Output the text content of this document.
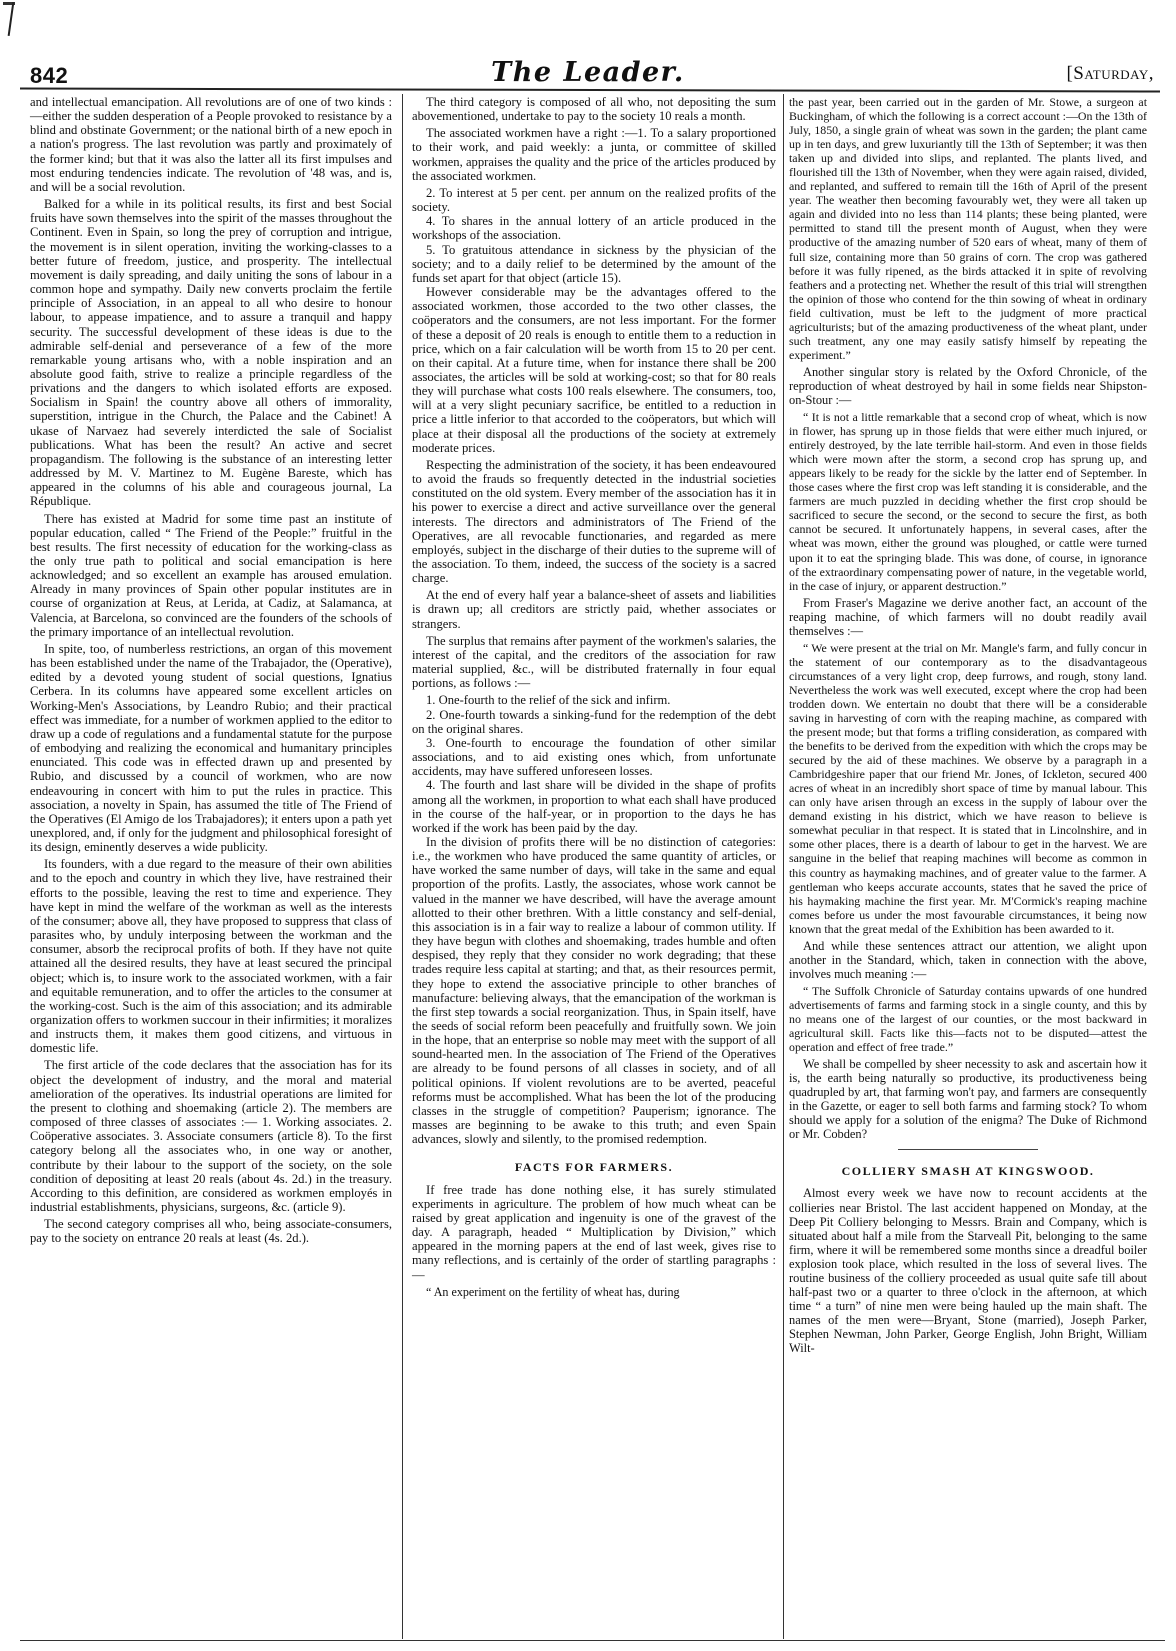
842	The Leader.	[Saturday,

and intellectual emancipation. All revolutions are of one of two kinds :—either the sudden desperation of a People provoked to resistance by a blind and obstinate Government; or the national birth of a new epoch in a nation's progress. The last revolution was partly and proximately of the former kind; but that it was also the latter all its first impulses and most enduring tendencies indicate. The revolution of '48 was, and is, and will be a social revolution.

Balked for a while in its political results, its first and best Social fruits have sown themselves into the spirit of the masses throughout the Continent. Even in Spain, so long the prey of corruption and intrigue, the movement is in silent operation, inviting the working-classes to a better future of freedom, justice, and prosperity. The intellectual movement is daily spreading, and daily uniting the sons of labour in a common hope and sympathy. Daily new converts proclaim the fertile principle of Association, in an appeal to all who desire to honour labour, to appease impatience, and to assure a tranquil and happy security. The successful development of these ideas is due to the admirable self-denial and perseverance of a few of the more remarkable young artisans who, with a noble inspiration and an absolute good faith, strive to realize a principle regardless of the privations and the dangers to which isolated efforts are exposed. Socialism in Spain! the country above all others of immorality, superstition, intrigue in the Church, the Palace and the Cabinet! A ukase of Narvaez had severely interdicted the sale of Socialist publications. What has been the result? An active and secret propagandism. The following is the substance of an interesting letter addressed by M. V. Martinez to M. Eugène Bareste, which has appeared in the columns of his able and courageous journal, La République.

There has existed at Madrid for some time past an institute of popular education, called “ The Friend of the People:” fruitful in the best results. The first necessity of education for the working-class as the only true path to political and social emancipation is here acknowledged; and so excellent an example has aroused emulation. Already in many provinces of Spain other popular institutes are in course of organization at Reus, at Lerida, at Cadiz, at Salamanca, at Valencia, at Barcelona, so convinced are the founders of the schools of the primary importance of an intellectual revolution.

In spite, too, of numberless restrictions, an organ of this movement has been established under the name of the Trabajador, the (Operative), edited by a devoted young student of social questions, Ignatius Cerbera. In its columns have appeared some excellent articles on Working-Men's Associations, by Leandro Rubio; and their practical effect was immediate, for a number of workmen applied to the editor to draw up a code of regulations and a fundamental statute for the purpose of embodying and realizing the economical and humanitary principles enunciated. This code was in effected drawn up and presented by Rubio, and discussed by a council of workmen, who are now endeavouring in concert with him to put the rules in practice. This association, a novelty in Spain, has assumed the title of The Friend of the Operatives (El Amigo de los Trabajadores); it enters upon a path yet unexplored, and, if only for the judgment and philosophical foresight of its design, eminently deserves a wide publicity.

Its founders, with a due regard to the measure of their own abilities and to the epoch and country in which they live, have restrained their efforts to the possible, leaving the rest to time and experience. They have kept in mind the welfare of the workman as well as the interests of the consumer; above all, they have proposed to suppress that class of parasites who, by unduly interposing between the workman and the consumer, absorb the reciprocal profits of both. If they have not quite attained all the desired results, they have at least secured the principal object; which is, to insure work to the associated workmen, with a fair and equitable remuneration, and to offer the articles to the consumer at the working-cost. Such is the aim of this association; and its admirable organization offers to workmen succour in their infirmities; it moralizes and instructs them, it makes them good citizens, and virtuous in domestic life.

The first article of the code declares that the association has for its object the development of industry, and the moral and material amelioration of the operatives. Its industrial operations are limited for the present to clothing and shoemaking (article 2). The members are composed of three classes of associates :— 1. Working associates. 2. Coöperative associates. 3. Associate consumers (article 8). To the first category belong all the associates who, in one way or another, contribute by their labour to the support of the society, on the sole condition of depositing at least 20 reals (about 4s. 2d.) in the treasury. According to this definition, are considered as workmen employés in industrial establishments, physicians, surgeons, &c. (article 9).

The second category comprises all who, being associate-consumers, pay to the society on entrance 20 reals at least (4s. 2d.).

The third category is composed of all who, not depositing the sum abovementioned, undertake to pay to the society 10 reals a month.

The associated workmen have a right :—1. To a salary proportioned to their work, and paid weekly: a junta, or committee of skilled workmen, appraises the quality and the price of the articles produced by the associated workmen.

2. To interest at 5 per cent. per annum on the realized profits of the society.

4. To shares in the annual lottery of an article produced in the workshops of the association.

5. To gratuitous attendance in sickness by the physician of the society; and to a daily relief to be determined by the amount of the funds set apart for that object (article 15).

However considerable may be the advantages offered to the associated workmen, those accorded to the two other classes, the coöperators and the consumers, are not less important. For the former of these a deposit of 20 reals is enough to entitle them to a reduction in price, which on a fair calculation will be worth from 15 to 20 per cent. on their capital. At a future time, when for instance there shall be 200 associates, the articles will be sold at working-cost; so that for 80 reals they will purchase what costs 100 reals elsewhere. The consumers, too, will at a very slight pecuniary sacrifice, be entitled to a reduction in price a little inferior to that accorded to the coöperators, but which will place at their disposal all the productions of the society at extremely moderate prices.

Respecting the administration of the society, it has been endeavoured to avoid the frauds so frequently detected in the industrial societies constituted on the old system. Every member of the association has it in his power to exercise a direct and active surveillance over the general interests. The directors and administrators of The Friend of the Operatives, are all revocable functionaries, and regarded as mere employés, subject in the discharge of their duties to the supreme will of the association. To them, indeed, the success of the society is a sacred charge.

At the end of every half year a balance-sheet of assets and liabilities is drawn up; all creditors are strictly paid, whether associates or strangers.

The surplus that remains after payment of the workmen's salaries, the interest of the capital, and the creditors of the association for raw material supplied, &c., will be distributed fraternally in four equal portions, as follows :—

1. One-fourth to the relief of the sick and infirm.

2. One-fourth towards a sinking-fund for the redemption of the debt on the original shares.

3. One-fourth to encourage the foundation of other similar associations, and to aid existing ones which, from unfortunate accidents, may have suffered unforeseen losses.

4. The fourth and last share will be divided in the shape of profits among all the workmen, in proportion to what each shall have produced in the course of the half-year, or in proportion to the days he has worked if the work has been paid by the day.

In the division of profits there will be no distinction of categories: i.e., the workmen who have produced the same quantity of articles, or have worked the same number of days, will take in the same and equal proportion of the profits. Lastly, the associates, whose work cannot be valued in the manner we have described, will have the average amount allotted to their other brethren. With a little constancy and self-denial, this association is in a fair way to realize a labour of common utility. If they have begun with clothes and shoemaking, trades humble and often despised, they reply that they consider no work degrading; that these trades require less capital at starting; and that, as their resources permit, they hope to extend the associative principle to other branches of manufacture: believing always, that the emancipation of the workman is the first step towards a social reorganization. Thus, in Spain itself, have the seeds of social reform been peacefully and fruitfully sown. We join in the hope, that an enterprise so noble may meet with the support of all sound-hearted men. In the association of The Friend of the Operatives are already to be found persons of all classes in society, and of all political opinions. If violent revolutions are to be averted, peaceful reforms must be accomplished. What has been the lot of the producing classes in the struggle of competition? Pauperism; ignorance. The masses are beginning to be awake to this truth; and even Spain advances, slowly and silently, to the promised redemption.

FACTS FOR FARMERS.

If free trade has done nothing else, it has surely stimulated experiments in agriculture. The problem of how much wheat can be raised by great application and ingenuity is one of the gravest of the day. A paragraph, headed “ Multiplication by Division,” which appeared in the morning papers at the end of last week, gives rise to many reflections, and is certainly of the order of startling paragraphs :—

“ An experiment on the fertility of wheat has, during

the past year, been carried out in the garden of Mr. Stowe, a surgeon at Buckingham, of which the following is a correct account :—On the 13th of July, 1850, a single grain of wheat was sown in the garden; the plant came up in ten days, and grew luxuriantly till the 13th of September; it was then taken up and divided into slips, and replanted. The plants lived, and flourished till the 13th of November, when they were again raised, divided, and replanted, and suffered to remain till the 16th of April of the present year. The weather then becoming favourably wet, they were all taken up again and divided into no less than 114 plants; these being planted, were permitted to stand till the present month of August, when they were productive of the amazing number of 520 ears of wheat, many of them of full size, containing more than 50 grains of corn. The crop was gathered before it was fully ripened, as the birds attacked it in spite of revolving feathers and a protecting net. Whether the result of this trial will strengthen the opinion of those who contend for the thin sowing of wheat in ordinary field cultivation, must be left to the judgment of more practical agriculturists; but of the amazing productiveness of the wheat plant, under such treatment, any one may easily satisfy himself by repeating the experiment.”

Another singular story is related by the Oxford Chronicle, of the reproduction of wheat destroyed by hail in some fields near Shipston-on-Stour :—

“ It is not a little remarkable that a second crop of wheat, which is now in flower, has sprung up in those fields that were either much injured, or entirely destroyed, by the late terrible hail-storm. And even in those fields which were mown after the storm, a second crop has sprung up, and appears likely to be ready for the sickle by the latter end of September. In those cases where the first crop was left standing it is considerable, and the farmers are much puzzled in deciding whether the first crop should be sacrificed to secure the second, or the second to secure the first, as both cannot be secured. It unfortunately happens, in several cases, after the wheat was mown, either the ground was ploughed, or cattle were turned upon it to eat the springing blade. This was done, of course, in ignorance of the extraordinary compensating power of nature, in the vegetable world, in the case of injury, or apparent destruction.”

From Fraser's Magazine we derive another fact, an account of the reaping machine, of which farmers will no doubt readily avail themselves :—

“ We were present at the trial on Mr. Mangle's farm, and fully concur in the statement of our contemporary as to the disadvantageous circumstances of a very light crop, deep furrows, and rough, stony land. Nevertheless the work was well executed, except where the crop had been trodden down. We entertain no doubt that there will be a considerable saving in harvesting of corn with the reaping machine, as compared with the present mode; but that forms a trifling consideration, as compared with the benefits to be derived from the expedition with which the crops may be secured by the aid of these machines. We observe by a paragraph in a Cambridgeshire paper that our friend Mr. Jones, of Ickleton, secured 400 acres of wheat in an incredibly short space of time by manual labour. This can only have arisen through an excess in the supply of labour over the demand existing in his district, which we have reason to believe is somewhat peculiar in that respect. It is stated that in Lincolnshire, and in some other places, there is a dearth of labour to get in the harvest. We are sanguine in the belief that reaping machines will become as common in this country as haymaking machines, and of greater value to the farmer. A gentleman who keeps accurate accounts, states that he saved the price of his haymaking machine the first year. Mr. M'Cormick's reaping machine comes before us under the most favourable circumstances, it being now known that the great medal of the Exhibition has been awarded to it.

And while these sentences attract our attention, we alight upon another in the Standard, which, taken in connection with the above, involves much meaning :—

“ The Suffolk Chronicle of Saturday contains upwards of one hundred advertisements of farms and farming stock in a single county, and this by no means one of the largest of our counties, or the most backward in agricultural skill. Facts like this—facts not to be disputed—attest the operation and effect of free trade.”

We shall be compelled by sheer necessity to ask and ascertain how it is, the earth being naturally so productive, its productiveness being quadrupled by art, that farming won't pay, and farmers are consequently in the Gazette, or eager to sell both farms and farming stock? To whom should we apply for a solution of the enigma? The Duke of Richmond or Mr. Cobden?

COLLIERY SMASH AT KINGSWOOD.

Almost every week we have now to recount accidents at the collieries near Bristol. The last accident happened on Monday, at the Deep Pit Colliery belonging to Messrs. Brain and Company, which is situated about half a mile from the Starveall Pit, belonging to the same firm, where it will be remembered some months since a dreadful boiler explosion took place, which resulted in the loss of several lives. The routine business of the colliery proceeded as usual quite safe till about half-past two or a quarter to three o'clock in the afternoon, at which time “ a turn” of nine men were being hauled up the main shaft. The names of the men were—Bryant, Stone (married), Joseph Parker, Stephen Newman, John Parker, George English, John Bright, William Wilt-
